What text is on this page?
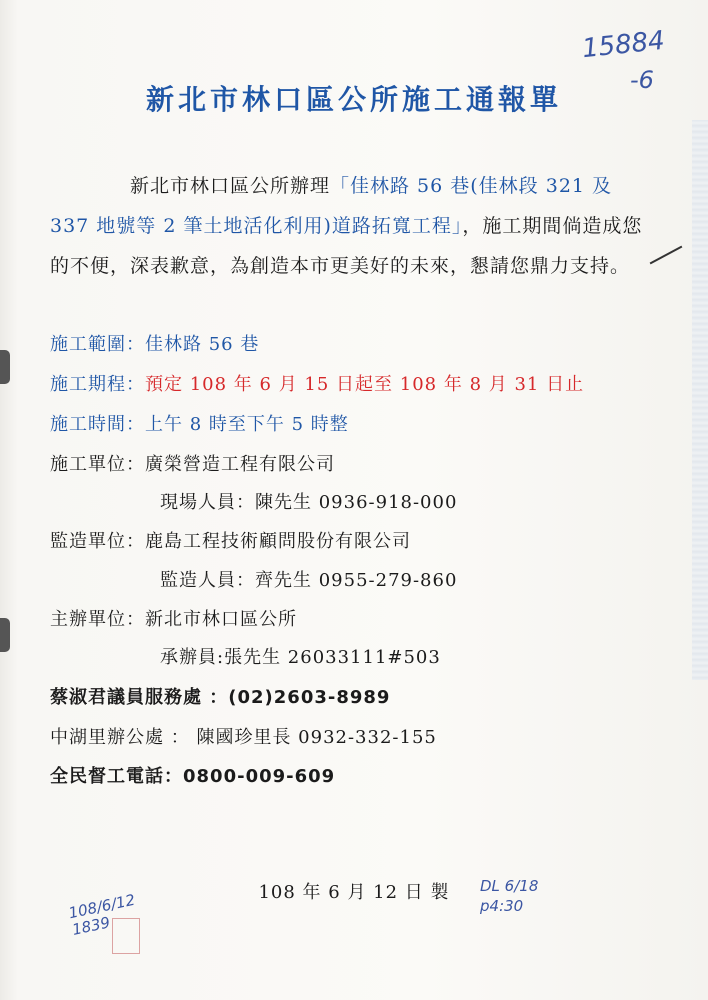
15884
-6
新北市林口區公所施工通報單
新北市林口區公所辦理「佳林路 56 巷(佳林段 321 及 337 地號等 2 筆土地活化利用)道路拓寬工程」，施工期間倘造成您的不便，深表歉意，為創造本市更美好的未來，懇請您鼎力支持。
施工範圍：佳林路 56 巷
施工期程：預定 108 年 6 月 15 日起至 108 年 8 月 31 日止
施工時間：上午 8 時至下午 5 時整
施工單位：廣榮營造工程有限公司
現場人員：陳先生 0936-918-000
監造單位：鹿島工程技術顧問股份有限公司
監造人員：齊先生 0955-279-860
主辦單位：新北市林口區公所
承辦員:張先生 26033111#503
蔡淑君議員服務處 ：(02)2603-8989
中湖里辦公處 ： 陳國珍里長 0932-332-155
全民督工電話：0800-009-609
108 年 6 月 12 日 製
108/6/12 1839
DL 6/18 p4:30
